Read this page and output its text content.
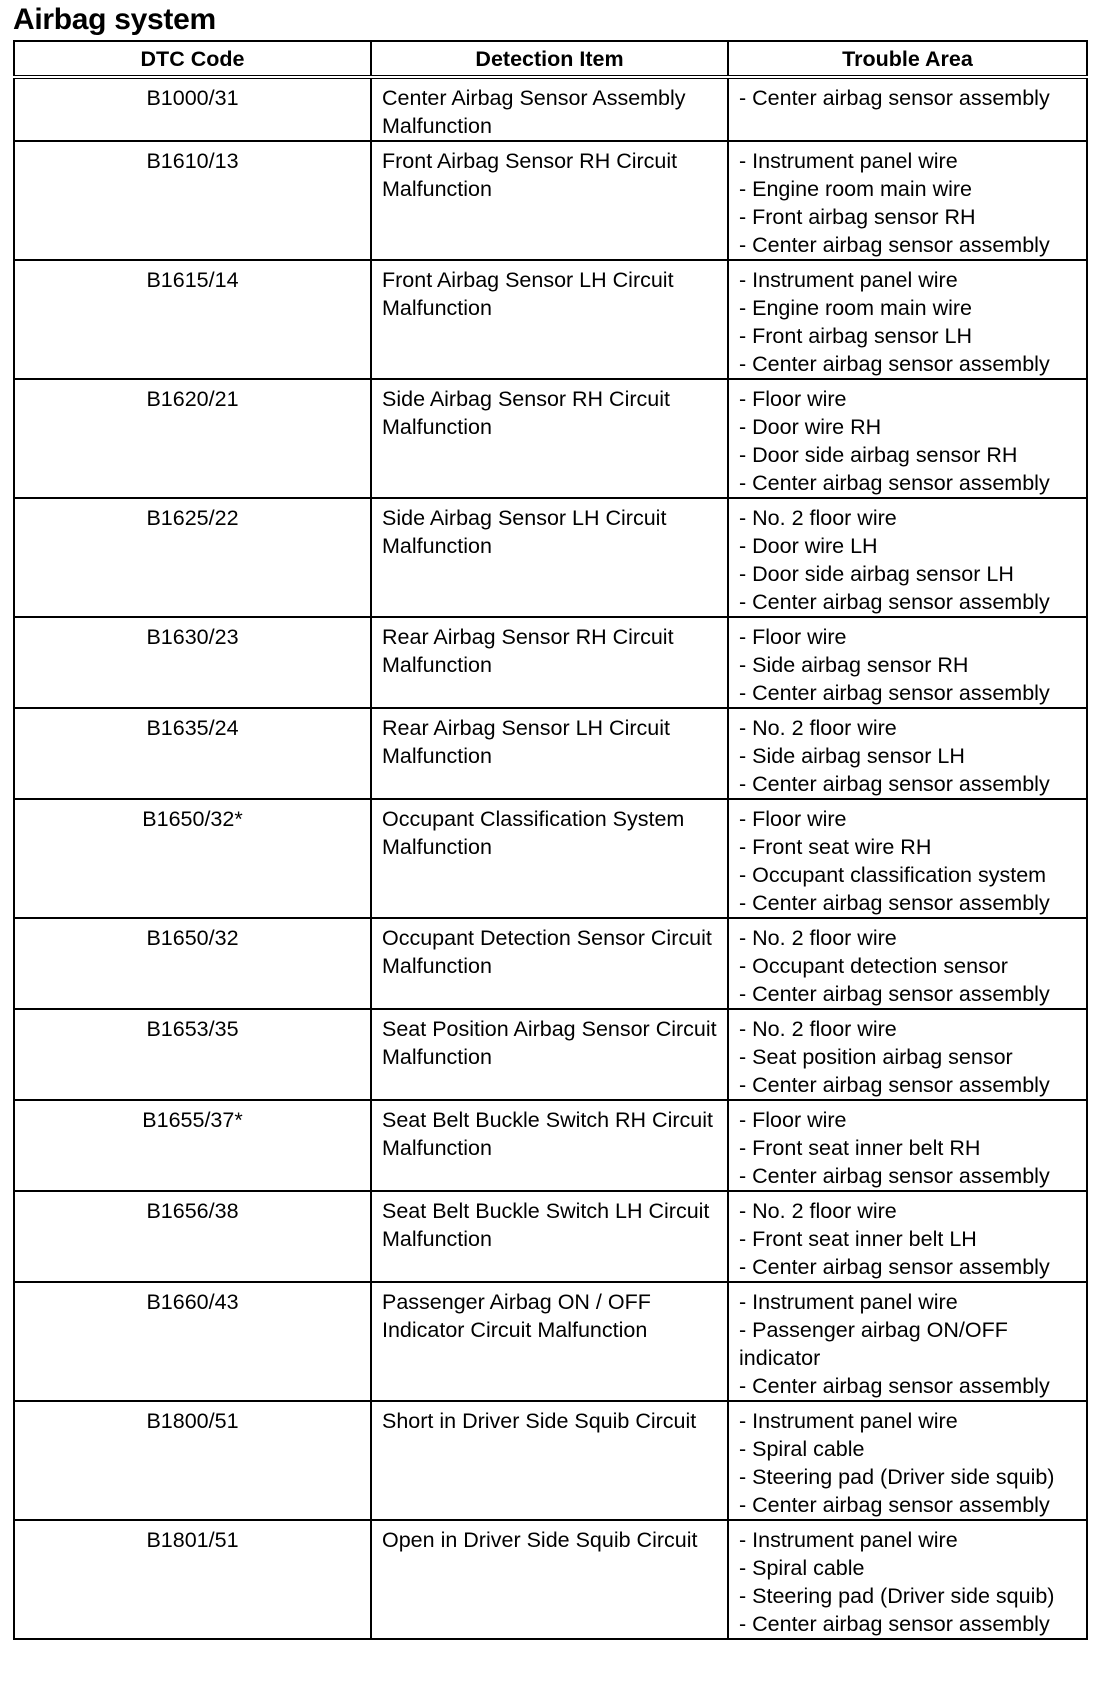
Airbag system
DTC Code	Detection Item	Trouble Area
B1000/31	Center Airbag Sensor Assembly Malfunction	- Center airbag sensor assembly

B1610/13	Front Airbag Sensor RH Circuit Malfunction	- Instrument panel wire
- Engine room main wire
- Front airbag sensor RH
- Center airbag sensor assembly

B1615/14	Front Airbag Sensor LH Circuit Malfunction	- Instrument panel wire
- Engine room main wire
- Front airbag sensor LH
- Center airbag sensor assembly

B1620/21	Side Airbag Sensor RH Circuit Malfunction	- Floor wire
- Door wire RH
- Door side airbag sensor RH
- Center airbag sensor assembly

B1625/22	Side Airbag Sensor LH Circuit Malfunction	- No. 2 floor wire
- Door wire LH
- Door side airbag sensor LH
- Center airbag sensor assembly

B1630/23	Rear Airbag Sensor RH Circuit Malfunction	- Floor wire
- Side airbag sensor RH
- Center airbag sensor assembly

B1635/24	Rear Airbag Sensor LH Circuit Malfunction	- No. 2 floor wire
- Side airbag sensor LH
- Center airbag sensor assembly

B1650/32*	Occupant Classification System Malfunction	- Floor wire
- Front seat wire RH
- Occupant classification system
- Center airbag sensor assembly

B1650/32	Occupant Detection Sensor Circuit Malfunction	- No. 2 floor wire
- Occupant detection sensor
- Center airbag sensor assembly

B1653/35	Seat Position Airbag Sensor Circuit Malfunction	- No. 2 floor wire
- Seat position airbag sensor
- Center airbag sensor assembly

B1655/37*	Seat Belt Buckle Switch RH Circuit Malfunction	- Floor wire
- Front seat inner belt RH
- Center airbag sensor assembly

B1656/38	Seat Belt Buckle Switch LH Circuit Malfunction	- No. 2 floor wire
- Front seat inner belt LH
- Center airbag sensor assembly

B1660/43	Passenger Airbag ON / OFF Indicator Circuit Malfunction	- Instrument panel wire
- Passenger airbag ON/OFF indicator
- Center airbag sensor assembly

B1800/51	Short in Driver Side Squib Circuit	- Instrument panel wire
- Spiral cable
- Steering pad (Driver side squib)
- Center airbag sensor assembly

B1801/51	Open in Driver Side Squib Circuit	- Instrument panel wire
- Spiral cable
- Steering pad (Driver side squib)
- Center airbag sensor assembly
